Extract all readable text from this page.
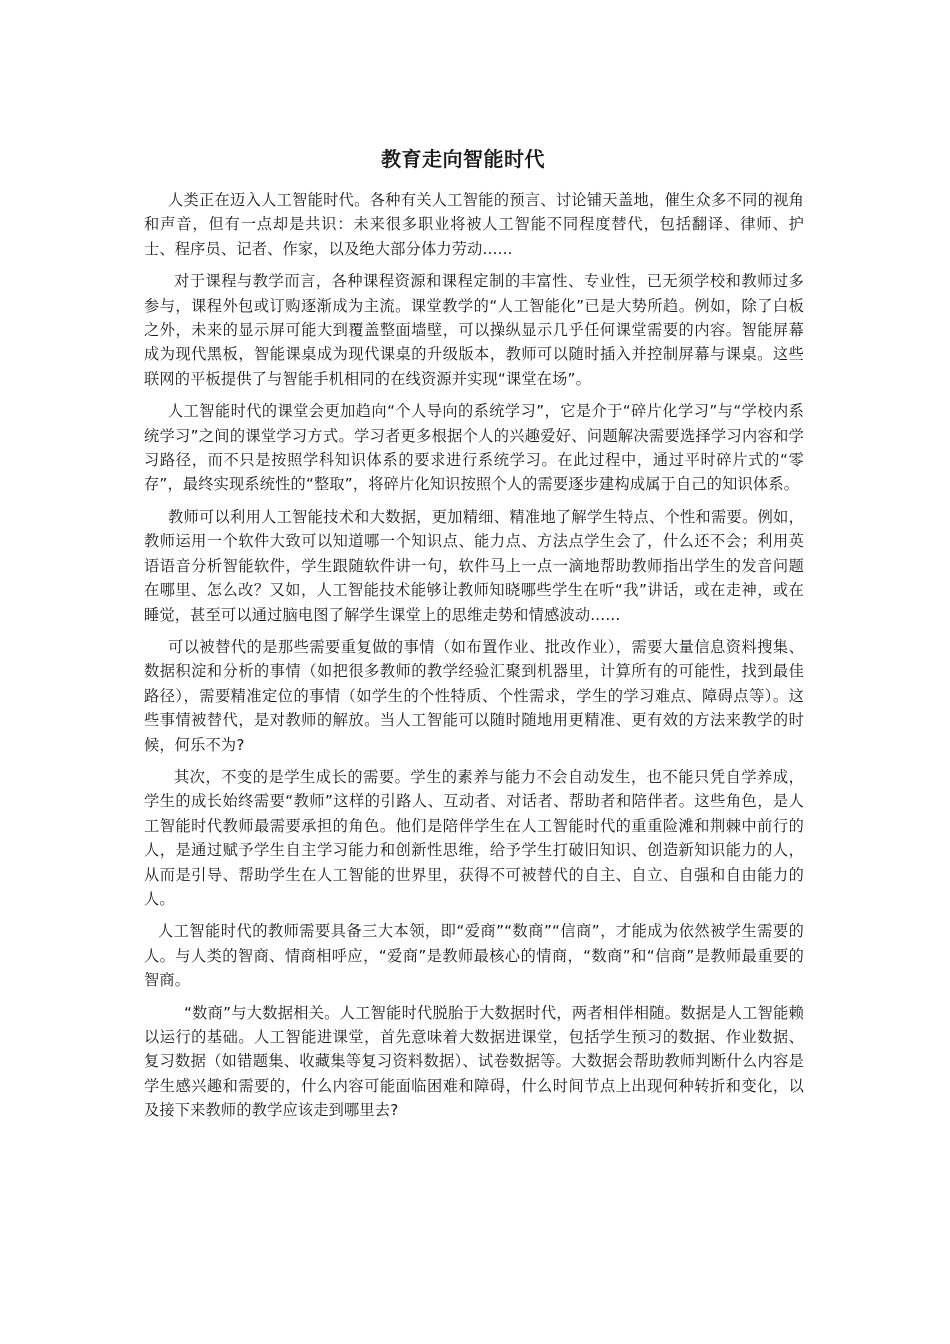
教育走向智能时代

人类正在迈入人工智能时代。各种有关人工智能的预言、讨论铺天盖地，催生众多不同的视角和声音，但有一点却是共识：未来很多职业将被人工智能不同程度替代，包括翻译、律师、护士、程序员、记者、作家，以及绝大部分体力劳动......

对于课程与教学而言，各种课程资源和课程定制的丰富性、专业性，已无须学校和教师过多参与，课程外包或订购逐渐成为主流。课堂教学的“人工智能化”已是大势所趋。例如，除了白板之外，未来的显示屏可能大到覆盖整面墙壁，可以操纵显示几乎任何课堂需要的内容。智能屏幕成为现代黑板，智能课桌成为现代课桌的升级版本，教师可以随时插入并控制屏幕与课桌。这些联网的平板提供了与智能手机相同的在线资源并实现“课堂在场”。

人工智能时代的课堂会更加趋向“个人导向的系统学习”，它是介于“碎片化学习”与“学校内系统学习”之间的课堂学习方式。学习者更多根据个人的兴趣爱好、问题解决需要选择学习内容和学习路径，而不只是按照学科知识体系的要求进行系统学习。在此过程中，通过平时碎片式的“零存”，最终实现系统性的“整取”，将碎片化知识按照个人的需要逐步建构成属于自己的知识体系。

教师可以利用人工智能技术和大数据，更加精细、精准地了解学生特点、个性和需要。例如，教师运用一个软件大致可以知道哪一个知识点、能力点、方法点学生会了，什么还不会；利用英语语音分析智能软件，学生跟随软件讲一句，软件马上一点一滴地帮助教师指出学生的发音问题在哪里、怎么改？又如，人工智能技术能够让教师知晓哪些学生在听“我”讲话，或在走神，或在睡觉，甚至可以通过脑电图了解学生课堂上的思维走势和情感波动......

可以被替代的是那些需要重复做的事情（如布置作业、批改作业），需要大量信息资料搜集、数据积淀和分析的事情（如把很多教师的教学经验汇聚到机器里，计算所有的可能性，找到最佳路径），需要精准定位的事情（如学生的个性特质、个性需求，学生的学习难点、障碍点等）。这些事情被替代，是对教师的解放。当人工智能可以随时随地用更精准、更有效的方法来教学的时候，何乐不为?

其次，不变的是学生成长的需要。学生的素养与能力不会自动发生，也不能只凭自学养成，学生的成长始终需要“教师”这样的引路人、互动者、对话者、帮助者和陪伴者。这些角色，是人工智能时代教师最需要承担的角色。他们是陪伴学生在人工智能时代的重重险滩和荆棘中前行的人，是通过赋予学生自主学习能力和创新性思维，给予学生打破旧知识、创造新知识能力的人，从而是引导、帮助学生在人工智能的世界里，获得不可被替代的自主、自立、自强和自由能力的人。

人工智能时代的教师需要具备三大本领，即“爱商”“数商”“信商”，才能成为依然被学生需要的人。与人类的智商、情商相呼应，“爱商”是教师最核心的情商，“数商”和“信商”是教师最重要的智商。

“数商”与大数据相关。人工智能时代脱胎于大数据时代，两者相伴相随。数据是人工智能赖以运行的基础。人工智能进课堂，首先意味着大数据进课堂，包括学生预习的数据、作业数据、复习数据（如错题集、收藏集等复习资料数据）、试卷数据等。大数据会帮助教师判断什么内容是学生感兴趣和需要的，什么内容可能面临困难和障碍，什么时间节点上出现何种转折和变化，以及接下来教师的教学应该走到哪里去?
